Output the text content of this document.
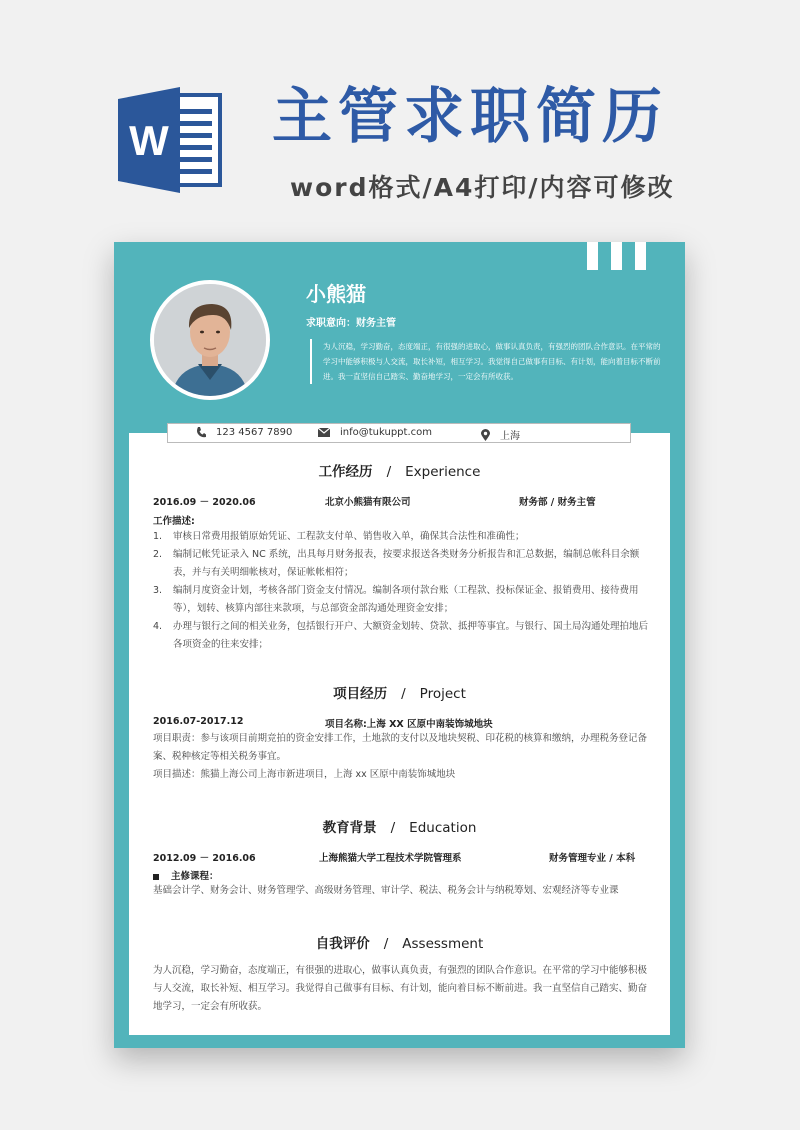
W 主管求职简历
word格式/A4打印/内容可修改
小熊猫
求职意向：财务主管
为人沉稳，学习勤奋，态度端正，有很强的进取心，做事认真负责，有强烈的团队合作意识。在平常的学习中能够积极与人交流，取长补短，相互学习。我觉得自己做事有目标、有计划，能向着目标不断前进。我一直坚信自己踏实、勤奋地学习，一定会有所收获。
123 4567 7890	info@tukuppt.com	上海
工作经历 / Experience
2016.09 － 2020.06	北京小熊猫有限公司	财务部 / 财务主管
工作描述:
1. 审核日常费用报销原始凭证、工程款支付单、销售收入单，确保其合法性和准确性；
2. 编制记帐凭证录入 NC 系统，出具每月财务报表，按要求报送各类财务分析报告和汇总数据，编制总帐科目余额表，并与有关明细帐核对，保证帐帐相符；
3. 编制月度资金计划，考核各部门资金支付情况。编制各项付款台账（工程款、投标保证金、报销费用、接待费用等），划转、核算内部往来款项，与总部资金部沟通处理资金安排；
4. 办理与银行之间的相关业务，包括银行开户、大额资金划转、贷款、抵押等事宜。与银行、国土局沟通处理拍地后各项资金的往来安排；
项目经历 / Project
2016.07-2017.12	项目名称:上海 XX 区原中南装饰城地块
项目职责：参与该项目前期竞拍的资金安排工作，土地款的支付以及地块契税、印花税的核算和缴纳，办理税务登记备案、税种核定等相关税务事宜。
项目描述：熊猫上海公司上海市新进项目，上海 xx 区原中南装饰城地块
教育背景 / Education
2012.09 － 2016.06	上海熊猫大学工程技术学院管理系	财务管理专业 / 本科
主修课程：
基础会计学、财务会计、财务管理学、高级财务管理、审计学、税法、税务会计与纳税筹划、宏观经济等专业课
自我评价 / Assessment
为人沉稳，学习勤奋，态度端正，有很强的进取心，做事认真负责，有强烈的团队合作意识。在平常的学习中能够积极与人交流，取长补短、相互学习。我觉得自己做事有目标、有计划，能向着目标不断前进。我一直坚信自己踏实、勤奋地学习，一定会有所收获。
